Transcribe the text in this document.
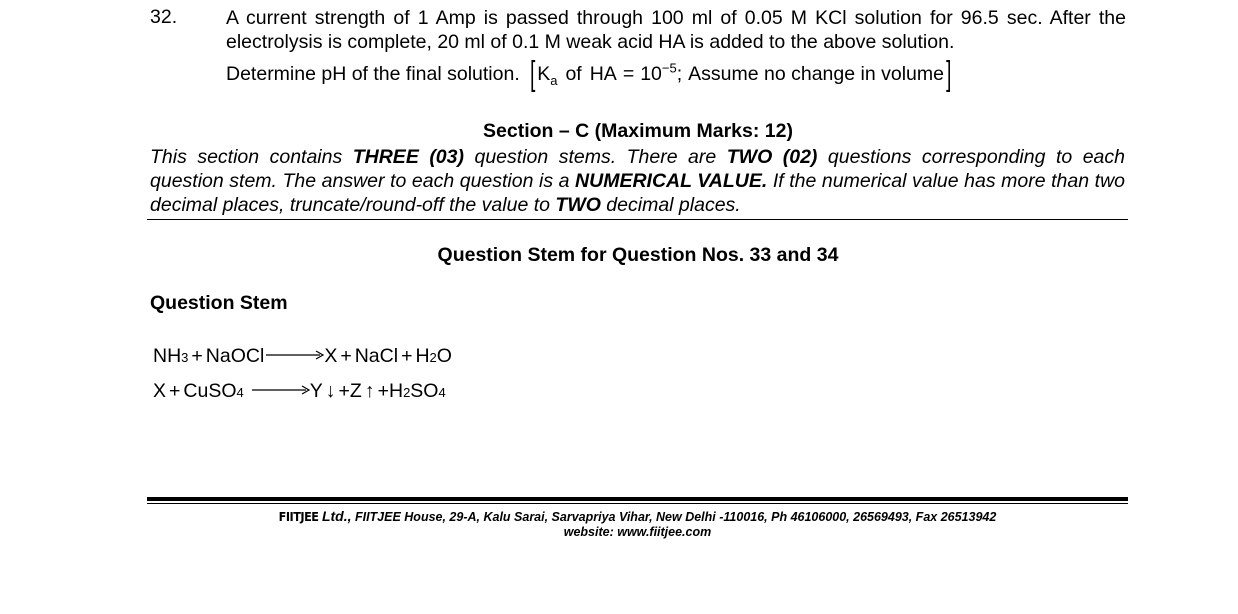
32.	A current strength of 1 Amp is passed through 100 ml of 0.05 M KCl solution for 96.5 sec. After the electrolysis is complete, 20 ml of 0.1 M weak acid HA is added to the above solution.
Determine pH of the final solution. [ $K_a$ of HA = $10^{-5}$ ; Assume no change in volume ]
Section – C (Maximum Marks: 12)
This section contains THREE (03) question stems. There are TWO (02) questions corresponding to each question stem. The answer to each question is a NUMERICAL VALUE. If the numerical value has more than two decimal places, truncate/round-off the value to TWO decimal places.
Question Stem for Question Nos. 33 and 34
Question Stem
NH 3 + NaOCl	X + NaCl + H 2 O
X + CuSO 4	Y ↓ + Z ↑ + H 2 SO 4
FIITJEE Ltd., FIITJEE House, 29-A, Kalu Sarai, Sarvapriya Vihar, New Delhi -110016, Ph 46106000, 26569493, Fax 26513942
website: www.fiitjee.com
